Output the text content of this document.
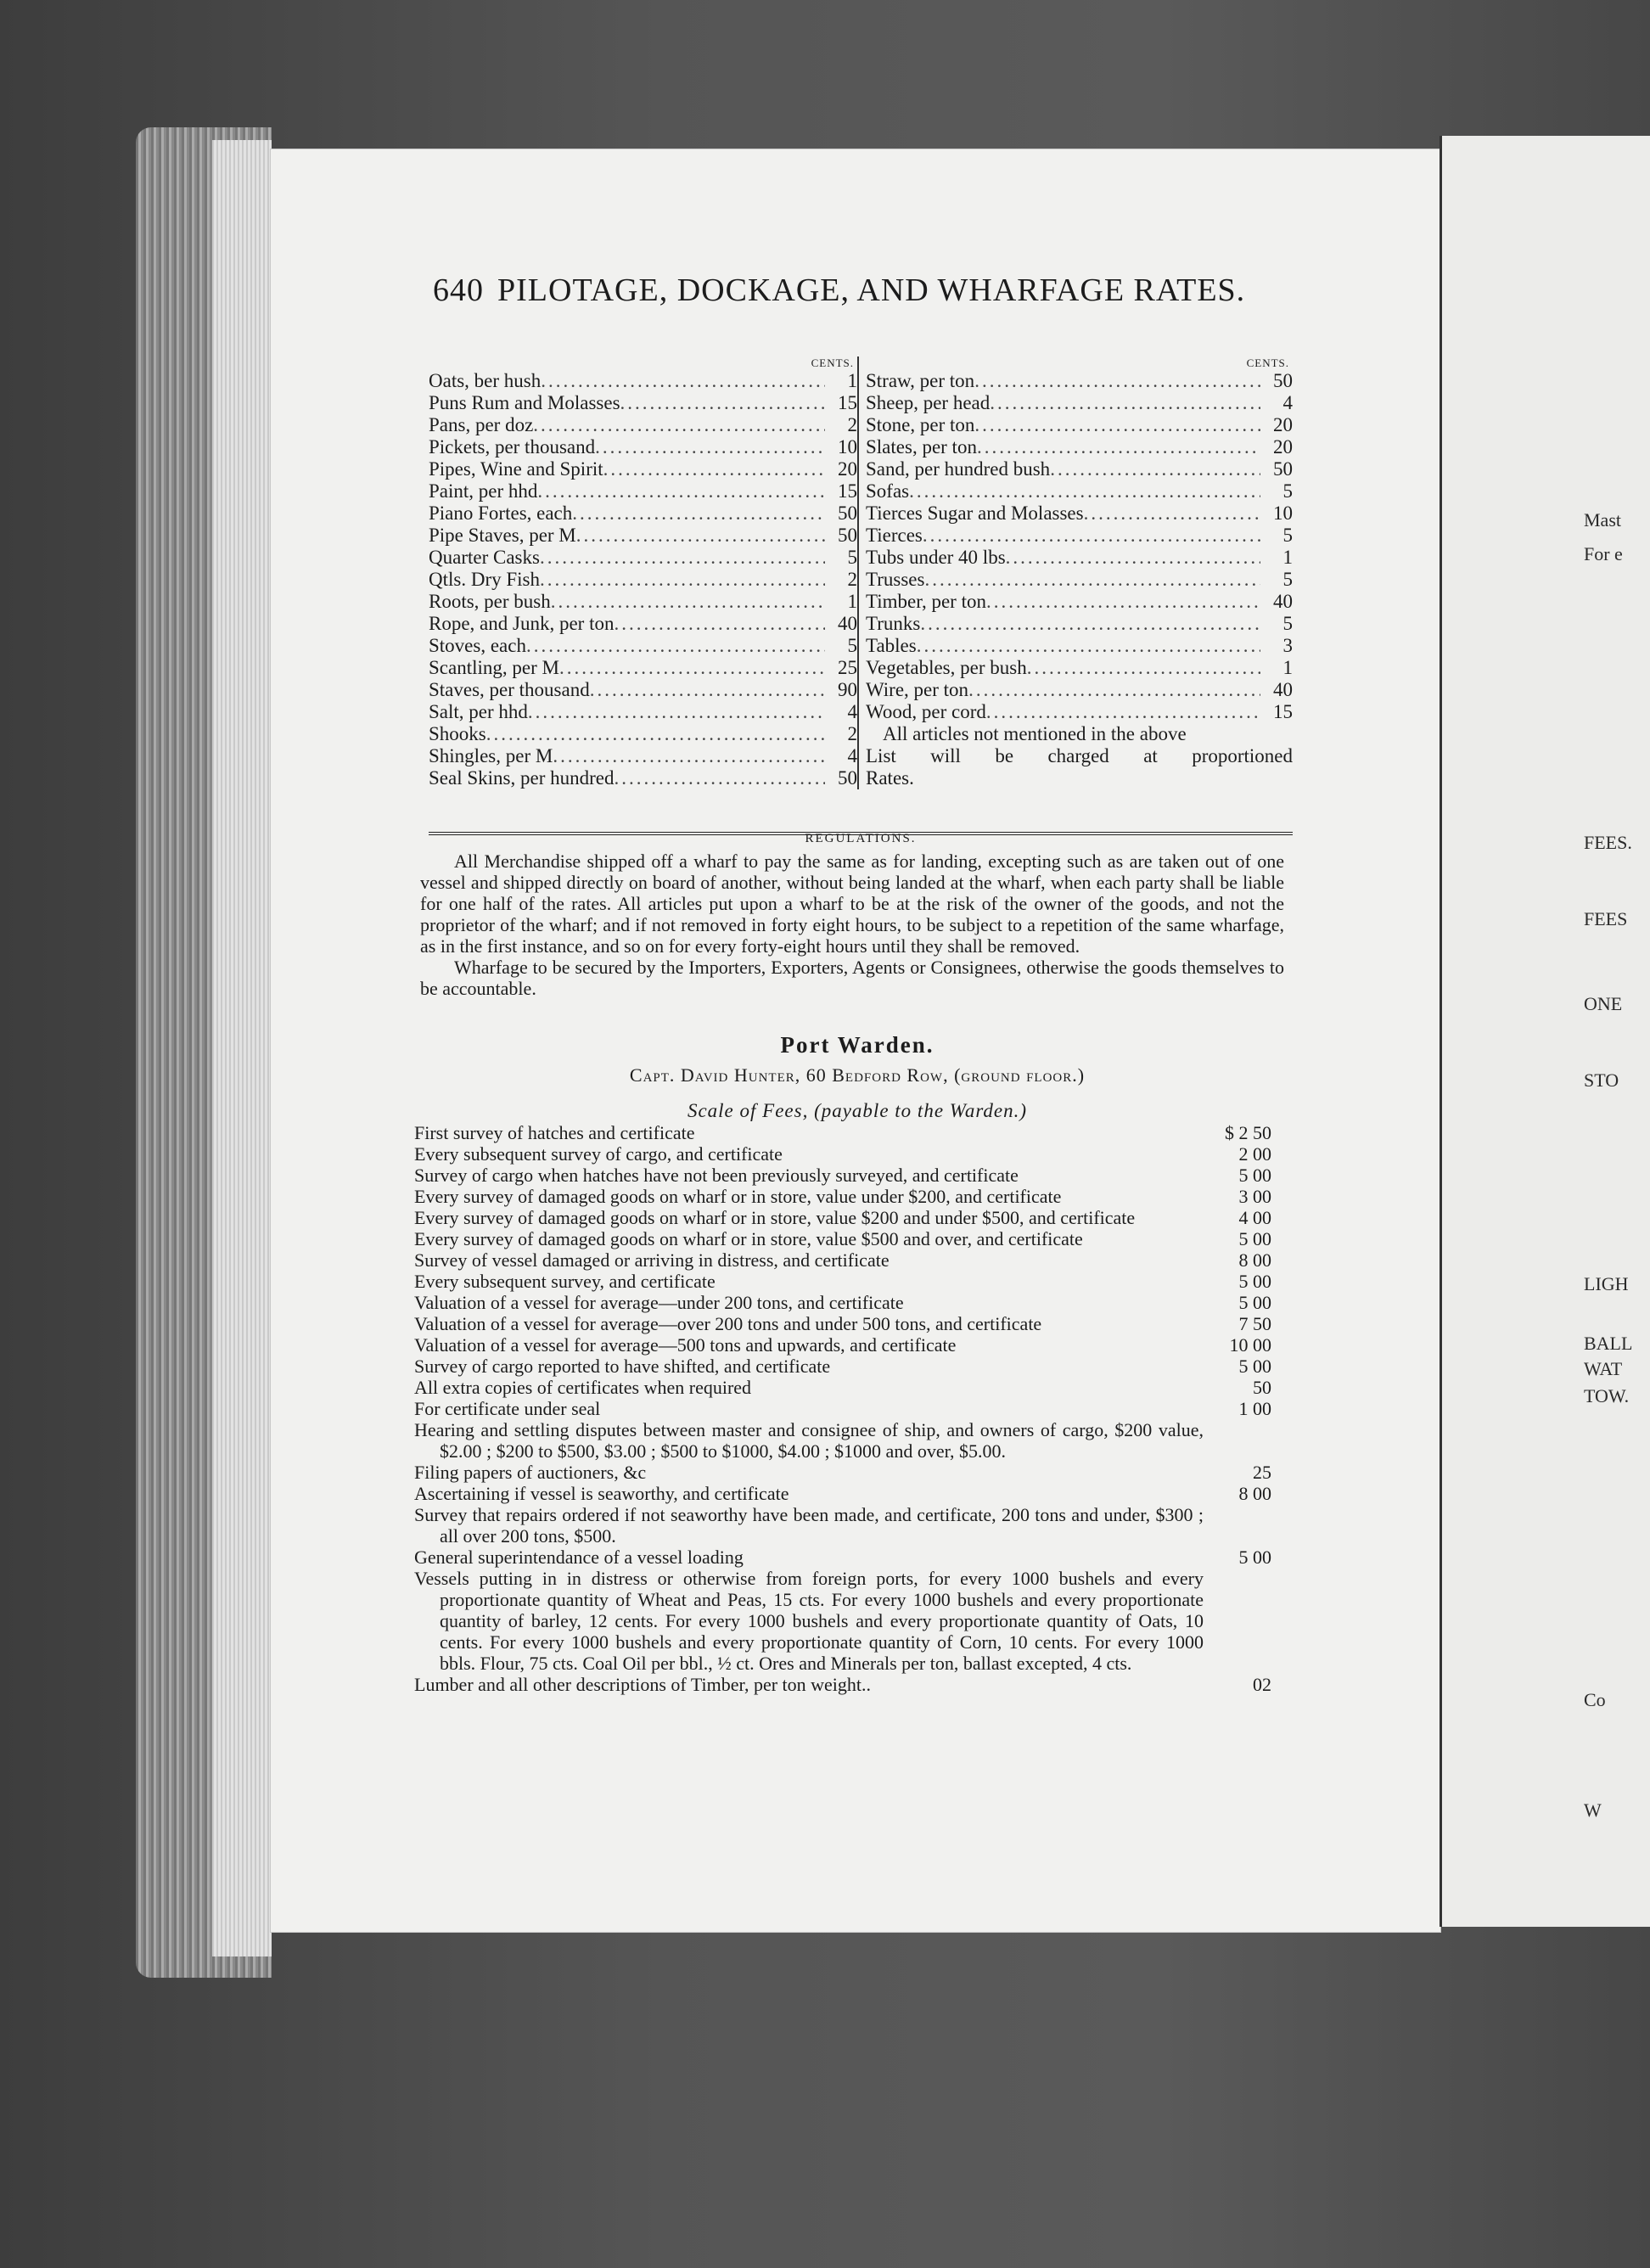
Mast
For e
FEES.
FEES
ONE
STO
LIGH
BALL
WAT
TOW.
Co
W
640 PILOTAGE, DOCKAGE, AND WHARFAGE RATES.
CENTS.
Oats, ber hush .....	1
Puns Rum and Molasses .....	15
Pans, per doz .....	2
Pickets, per thousand .....	10
Pipes, Wine and Spirit .....	20
Paint, per hhd .....	15
Piano Fortes, each .....	50
Pipe Staves, per M .....	50
Quarter Casks .....	5
Qtls. Dry Fish .....	2
Roots, per bush .....	1
Rope, and Junk, per ton .....	40
Stoves, each .....	5
Scantling, per M .....	25
Staves, per thousand .....	90
Salt, per hhd .....	4
Shooks .....	2
Shingles, per M .....	4
Seal Skins, per hundred .....	50
CENTS.
Straw, per ton .....	50
Sheep, per head .....	4
Stone, per ton .....	20
Slates, per ton .....	20
Sand, per hundred bush .....	50
Sofas .....	5
Tierces Sugar and Molasses .....	10
Tierces .....	5
Tubs under 40 lbs .....	1
Trusses .....	5
Timber, per ton .....	40
Trunks .....	5
Tables .....	3
Vegetables, per bush .....	1
Wire, per ton .....	40
Wood, per cord .....	15
All articles not mentioned in the above
List will be charged at proportioned
Rates.
REGULATIONS.

All Merchandise shipped off a wharf to pay the same as for landing, excepting such as are taken out of one vessel and shipped directly on board of another, without being landed at the wharf, when each party shall be liable for one half of the rates. All articles put upon a wharf to be at the risk of the owner of the goods, and not the proprietor of the wharf; and if not removed in forty eight hours, to be subject to a repetition of the same wharfage, as in the first instance, and so on for every forty-eight hours until they shall be removed.

Wharfage to be secured by the Importers, Exporters, Agents or Consignees, otherwise the goods themselves to be accountable.

Port Warden.
Capt. David Hunter, 60 Bedford Row, (ground floor.)
Scale of Fees, (payable to the Warden.)
First survey of hatches and certificate	$ 2 50
Every subsequent survey of cargo, and certificate	2 00
Survey of cargo when hatches have not been previously surveyed, and certificate	5 00
Every survey of damaged goods on wharf or in store, value under $200, and certificate	3 00
Every survey of damaged goods on wharf or in store, value $200 and under $500, and certificate	4 00
Every survey of damaged goods on wharf or in store, value $500 and over, and certificate	5 00
Survey of vessel damaged or arriving in distress, and certificate	8 00
Every subsequent survey, and certificate	5 00
Valuation of a vessel for average—under 200 tons, and certificate	5 00
Valuation of a vessel for average—over 200 tons and under 500 tons, and certificate	7 50
Valuation of a vessel for average—500 tons and upwards, and certificate	10 00
Survey of cargo reported to have shifted, and certificate	5 00
All extra copies of certificates when required	50
For certificate under seal	1 00
Hearing and settling disputes between master and consignee of ship, and owners of cargo, $200 value, $2.00 ; $200 to $500, $3.00 ; $500 to $1000, $4.00 ; $1000 and over, $5.00.
Filing papers of auctioners, &c	25
Ascertaining if vessel is seaworthy, and certificate	8 00
Survey that repairs ordered if not seaworthy have been made, and certificate, 200 tons and under, $300 ; all over 200 tons, $500.
General superintendance of a vessel loading	5 00
Vessels putting in in distress or otherwise from foreign ports, for every 1000 bushels and every proportionate quantity of Wheat and Peas, 15 cts. For every 1000 bushels and every proportionate quantity of barley, 12 cents. For every 1000 bushels and every proportionate quantity of Oats, 10 cents. For every 1000 bushels and every proportionate quantity of Corn, 10 cents. For every 1000 bbls. Flour, 75 cts. Coal Oil per bbl., ½ ct. Ores and Minerals per ton, ballast excepted, 4 cts.
Lumber and all other descriptions of Timber, per ton weight..	02
